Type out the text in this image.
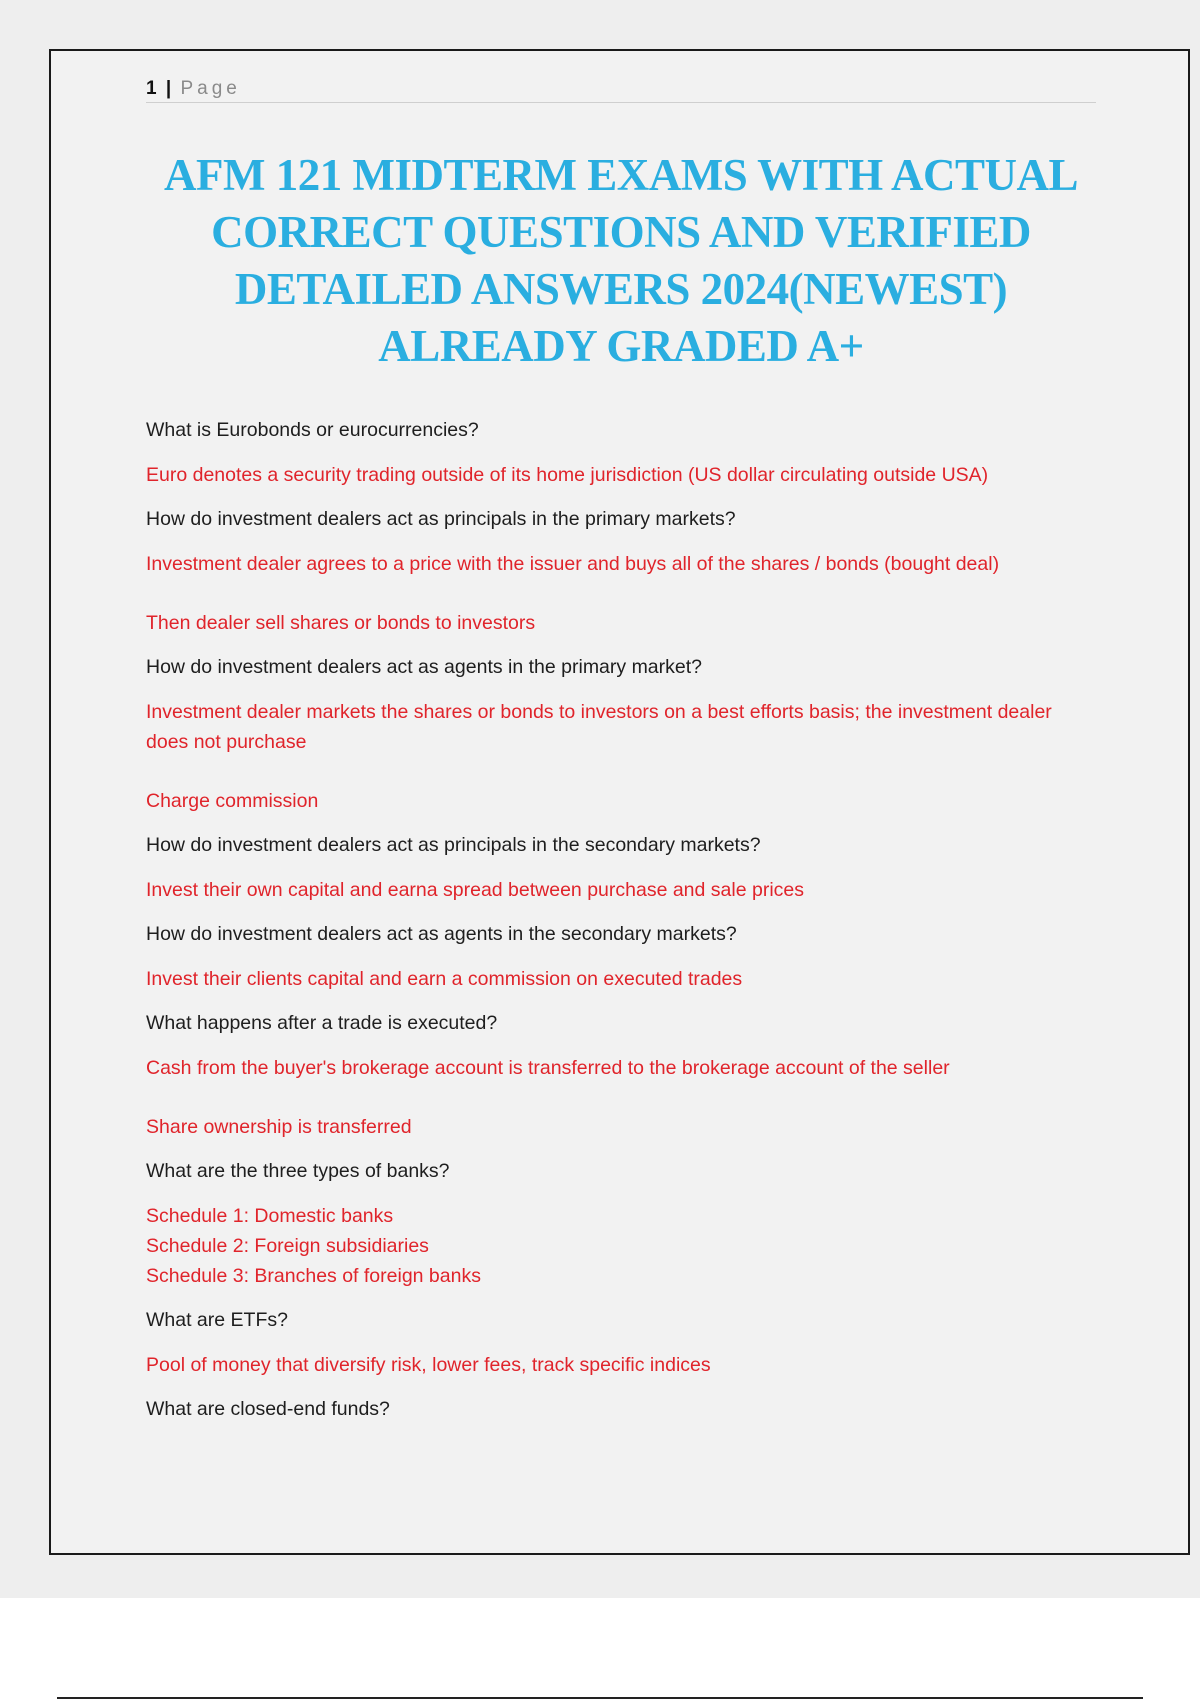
1 | Page
AFM 121 MIDTERM EXAMS WITH ACTUAL CORRECT QUESTIONS AND VERIFIED DETAILED ANSWERS 2024(NEWEST) ALREADY GRADED A+
What is Eurobonds or eurocurrencies?
Euro denotes a security trading outside of its home jurisdiction (US dollar circulating outside USA)
How do investment dealers act as principals in the primary markets?
Investment dealer agrees to a price with the issuer and buys all of the shares / bonds (bought deal)
Then dealer sell shares or bonds to investors
How do investment dealers act as agents in the primary market?
Investment dealer markets the shares or bonds to investors on a best efforts basis; the investment dealer does not purchase
Charge commission
How do investment dealers act as principals in the secondary markets?
Invest their own capital and earna spread between purchase and sale prices
How do investment dealers act as agents in the secondary markets?
Invest their clients capital and earn a commission on executed trades
What happens after a trade is executed?
Cash from the buyer's brokerage account is transferred to the brokerage account of the seller
Share ownership is transferred
What are the three types of banks?
Schedule 1: Domestic banks
Schedule 2: Foreign subsidiaries
Schedule 3: Branches of foreign banks
What are ETFs?
Pool of money that diversify risk, lower fees, track specific indices
What are closed-end funds?
